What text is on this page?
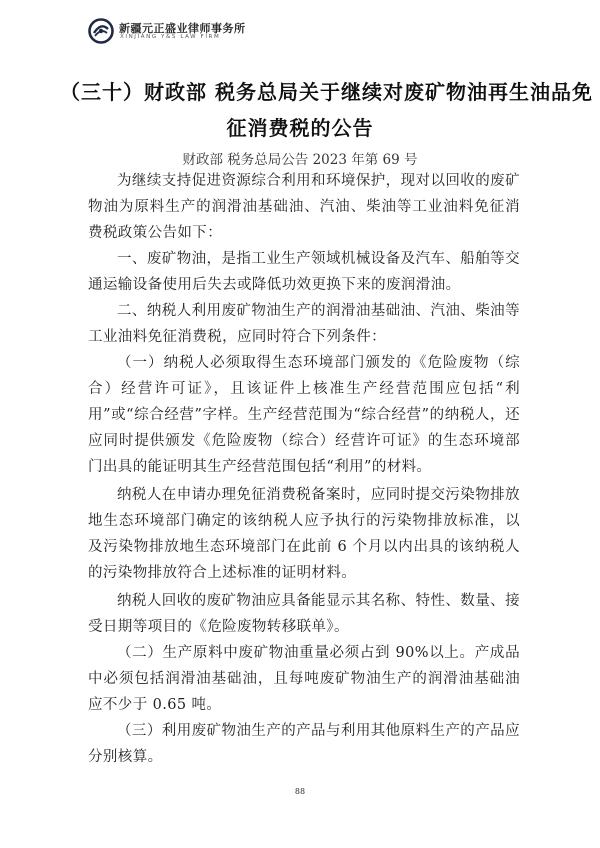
新疆元正盛业律师事务所
XINJIANG Y&S LAW FIRM
（三十）财政部 税务总局关于继续对废矿物油再生油品免
征消费税的公告
财政部 税务总局公告 2023 年第 69 号

为继续支持促进资源综合利用和环境保护，现对以回收的废矿物油为原料生产的润滑油基础油、汽油、柴油等工业油料免征消费税政策公告如下：

一、废矿物油，是指工业生产领域机械设备及汽车、船舶等交通运输设备使用后失去或降低功效更换下来的废润滑油。

二、纳税人利用废矿物油生产的润滑油基础油、汽油、柴油等工业油料免征消费税，应同时符合下列条件：

（一）纳税人必须取得生态环境部门颁发的《危险废物（综合）经营许可证》，且该证件上核准生产经营范围应包括“利用”或“综合经营”字样。生产经营范围为“综合经营”的纳税人，还应同时提供颁发《危险废物（综合）经营许可证》的生态环境部门出具的能证明其生产经营范围包括“利用”的材料。

纳税人在申请办理免征消费税备案时，应同时提交污染物排放地生态环境部门确定的该纳税人应予执行的污染物排放标准，以及污染物排放地生态环境部门在此前 6 个月以内出具的该纳税人的污染物排放符合上述标准的证明材料。

纳税人回收的废矿物油应具备能显示其名称、特性、数量、接受日期等项目的《危险废物转移联单》。

（二）生产原料中废矿物油重量必须占到 90%以上。产成品中必须包括润滑油基础油，且每吨废矿物油生产的润滑油基础油应不少于 0.65 吨。

（三）利用废矿物油生产的产品与利用其他原料生产的产品应分别核算。

88
